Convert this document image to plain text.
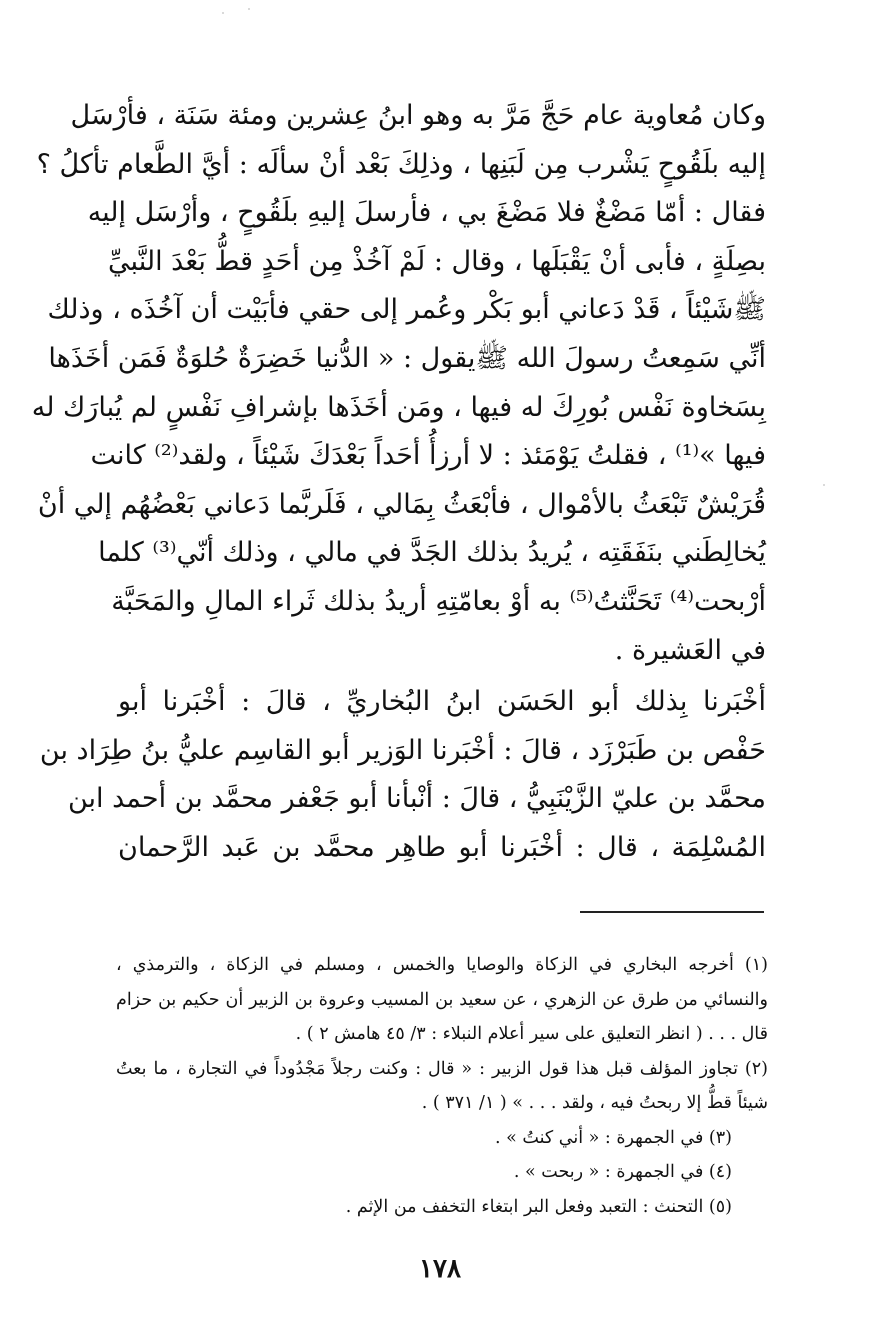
وكان مُعاوية عام حَجَّ مَرَّ به وهو ابنُ عِشرين ومئة سَنَة ، فأرْسَل
إليه بلَقُوحٍ يَشْرب مِن لَبَنِها ، وذلِكَ بَعْد أنْ سألَه : أيَّ الطَّعام تأكلُ ؟
فقال : أمّا مَضْغٌ فلا مَضْغَ بي ، فأرسلَ إليهِ بلَقُوحٍ ، وأرْسَل إليه
بصِلَةٍ ، فأبى أنْ يَقْبَلَها ، وقال : لَمْ آخُذْ مِن أحَدٍ قطُّ بَعْدَ النَّبيِّ
ﷺشَيْئاً ، قَدْ دَعاني أبو بَكْر وعُمر إلى حقي فأبَيْت أن آخُذَه ، وذلك
أنِّي سَمِعتُ رسولَ الله ﷺيقول : « الدُّنيا خَضِرَةٌ حُلوَةٌ فَمَن أخَذَها
بِسَخاوة نَفْس بُورِكَ له فيها ، ومَن أخَذَها بإشرافِ نَفْسٍ لم يُبارَك له
فيها »⁽¹⁾ ، فقلتُ يَوْمَئذ : لا أرزأُ أحَداً بَعْدَكَ شَيْئاً ، ولقد⁽²⁾ كانت
قُرَيْشٌ تَبْعَثُ بالأمْوال ، فأبْعَثُ بِمَالي ، فَلَربَّما دَعاني بَعْضُهُم إلي أنْ
يُخالِطَني بنَفَقَتِه ، يُريدُ بذلك الجَدَّ في مالي ، وذلك أنّي⁽³⁾ كلما
أرْبحت⁽⁴⁾ تَحَنَّثتُ⁽⁵⁾ به أوْ بعامّتِهِ أريدُ بذلك ثَراء المالِ والمَحَبَّة
في العَشيرة .
أخْبَرنا بِذلك أبو الحَسَن ابنُ البُخاريِّ ، قالَ : أخْبَرنا أبو
حَفْص بن طَبَرْزَد ، قالَ : أخْبَرنا الوَزير أبو القاسِم عليُّ بنُ طِرَاد بن
محمَّد بن عليّ الزَّيْنَبِيُّ ، قالَ : أنْبأنا أبو جَعْفر محمَّد بن أحمد ابن
المُسْلِمَة ، قال : أخْبَرنا أبو طاهِر محمَّد بن عَبد الرَّحمان
(١) أخرجه البخاري في الزكاة والوصايا والخمس ، ومسلم في الزكاة ، والترمذي ،
والنسائي من طرق عن الزهري ، عن سعيد بن المسيب وعروة بن الزبير أن حكيم بن حزام
قال . . . ( انظر التعليق على سير أعلام النبلاء : ٣/ ٤٥ هامش ٢ ) .
(٢) تجاوز المؤلف قبل هذا قول الزبير : « قال : وكنت رجلاً مَجْدُوداً في التجارة ، ما بعتُ
شيئاً قطُّ إلا ربحتُ فيه ، ولقد . . . » ( ١/ ٣٧١ ) .
(٣) في الجمهرة : « أني كنتُ » .
(٤) في الجمهرة : « ربحت » .
(٥) التحنث : التعبد وفعل البر ابتغاء التخفف من الإثم .
١٧٨
